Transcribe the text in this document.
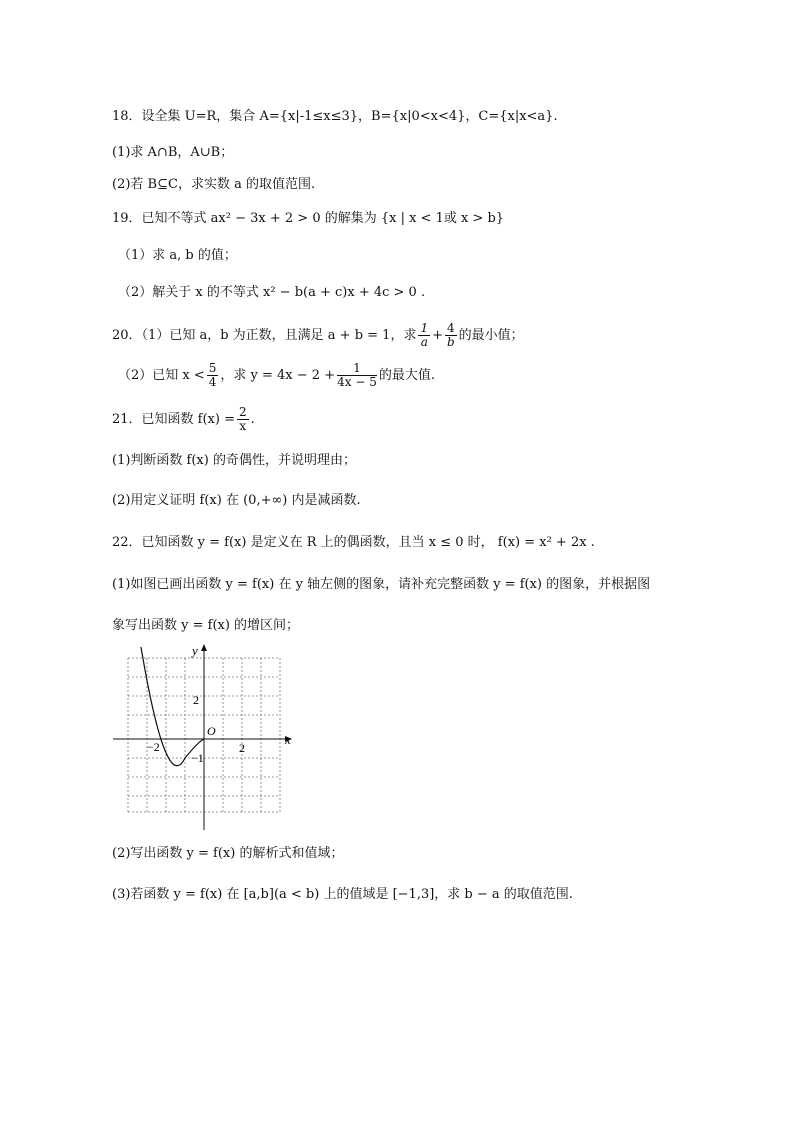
18．设全集 U=R，集合 A={x|-1≤x≤3}，B={x|0<x<4}，C={x|x<a}.
(1)求 A∩B，A∪B；
(2)若 B⊆C，求实数 a 的取值范围.
19．已知不等式 ax² − 3x + 2 > 0 的解集为 {x | x < 1或 x > b}
（1）求 a, b 的值；
（2）解关于 x 的不等式 x² − b(a + c)x + 4c > 0 .
20．（1）已知 a，b 为正数，且满足 a + b = 1，求 $\frac{1}{a} + \frac{4}{b}$ 的最小值；
（2）已知 $x < \frac{5}{4}$ ，求 $y = 4x - 2 + \frac{1}{4x - 5}$ 的最大值.
21．已知函数 $f(x) = \frac{2}{x}$ .
(1)判断函数 f(x) 的奇偶性，并说明理由；
(2)用定义证明 f(x) 在 (0,+∞) 内是减函数.
22．已知函数 y = f(x) 是定义在 R 上的偶函数，且当 x ≤ 0 时， f(x) = x² + 2x .
(1)如图已画出函数 y = f(x) 在 y 轴左侧的图象，请补充完整函数 y = f(x) 的图象，并根据图
象写出函数 y = f(x) 的增区间；
x
y
O
−2	2
2
−1
(2)写出函数 y = f(x) 的解析式和值域；
(3)若函数 y = f(x) 在 [a,b](a < b) 上的值域是 [−1,3]，求 b − a 的取值范围.
